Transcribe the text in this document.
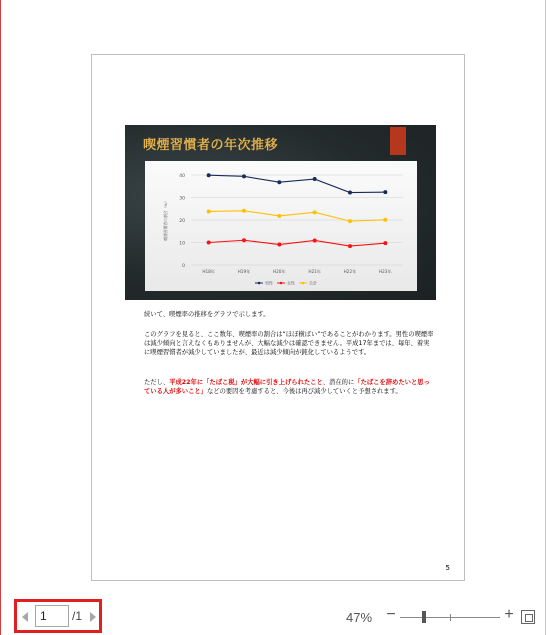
喫煙習慣者の年次推移
0
10
20
30
40
喫煙習慣者の割合（%）
H18年	H19年	H20年	H21年	H22年	H23年
男性	女性	合計
続いて、喫煙率の推移をグラフで示します。
このグラフを見ると、ここ数年、喫煙率の割合は“ほぼ横ばい”であることがわかります。男性の喫煙率は減少傾向と言えなくもありませんが、大幅な減少は確認できません。平成17年までは、毎年、着実に喫煙習慣者が減少していましたが、最近は減少傾向が鈍化しているようです。
ただし、平成22年に「たばこ税」が大幅に引き上げられたこと、潜在的に「たばこを辞めたいと思っている人が多いこと」などの要因を考慮すると、今後は再び減少していくと予想されます。
5
1	/1	47% −	+
